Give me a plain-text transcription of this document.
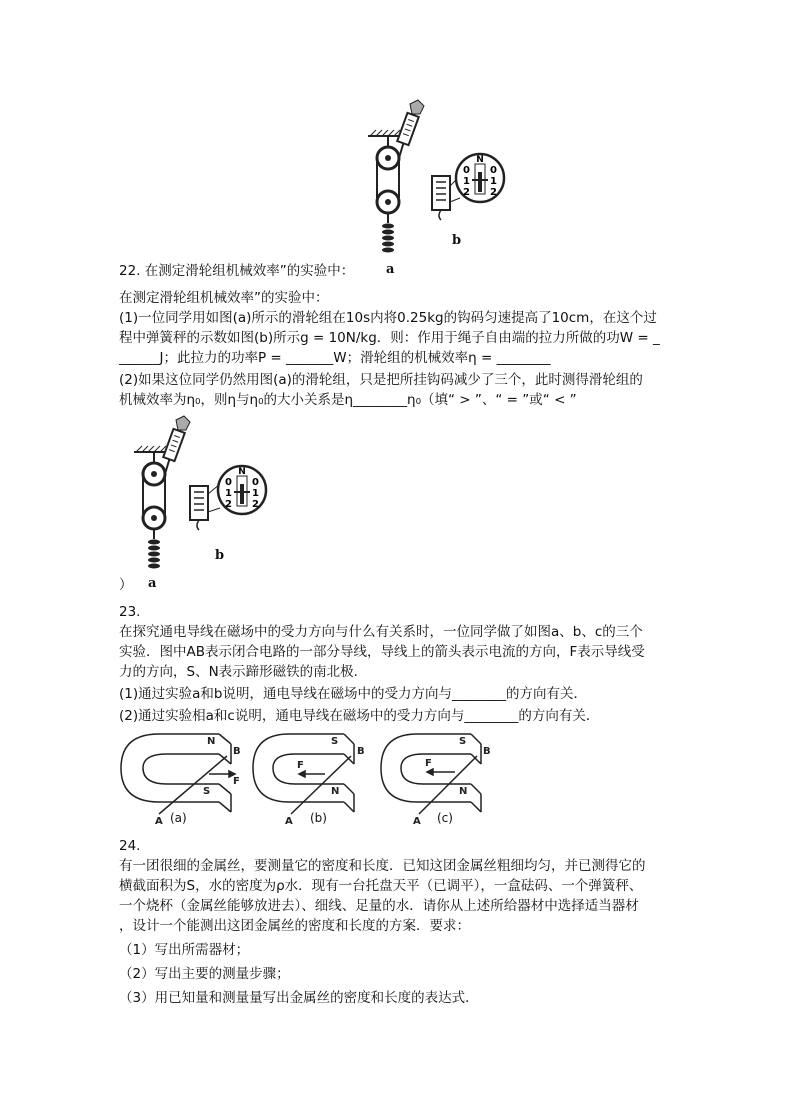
N
0
1
2
0
1
2
b
a
22. 在测定滑轮组机械效率”的实验中：
在测定滑轮组机械效率”的实验中：
(1)一位同学用如图(a)所示的滑轮组在10s内将0.25kg的钩码匀速提高了10cm，在这个过
程中弹簧秤的示数如图(b)所示g = 10N/kg．则：作用于绳子自由端的拉力所做的功W = _
______J；此拉力的功率P = _______W；滑轮组的机械效率η = ________
(2)如果这位同学仍然用图(a)的滑轮组，只是把所挂钩码减少了三个，此时测得滑轮组的
机械效率为η₀，则η与η₀的大小关系是η________η₀（填“ > ”、“ = ”或“ < ”
N
0
1
2
0
1
2
b
） a
23.
在探究通电导线在磁场中的受力方向与什么有关系时，一位同学做了如图a、b、c的三个
实验．图中AB表示闭合电路的一部分导线，导线上的箭头表示电流的方向，F表示导线受
力的方向，S、N表示蹄形磁铁的南北极．
(1)通过实验a和b说明，通电导线在磁场中的受力方向与________的方向有关．
(2)通过实验相a和c说明，通电导线在磁场中的受力方向与________的方向有关．
N
S
F
B
A
S
N
F
B
A
S
N
F
B
A
(a)	(b)	(c)
24.
有一团很细的金属丝，要测量它的密度和长度．已知这团金属丝粗细均匀，并已测得它的
横截面积为S，水的密度为ρ水．现有一台托盘天平（已调平），一盒砝码、一个弹簧秤、
一个烧杯（金属丝能够放进去）、细线、足量的水．请你从上述所给器材中选择适当器材
，设计一个能测出这团金属丝的密度和长度的方案．要求：
（1）写出所需器材；
（2）写出主要的测量步骤；
（3）用已知量和测量量写出金属丝的密度和长度的表达式．
